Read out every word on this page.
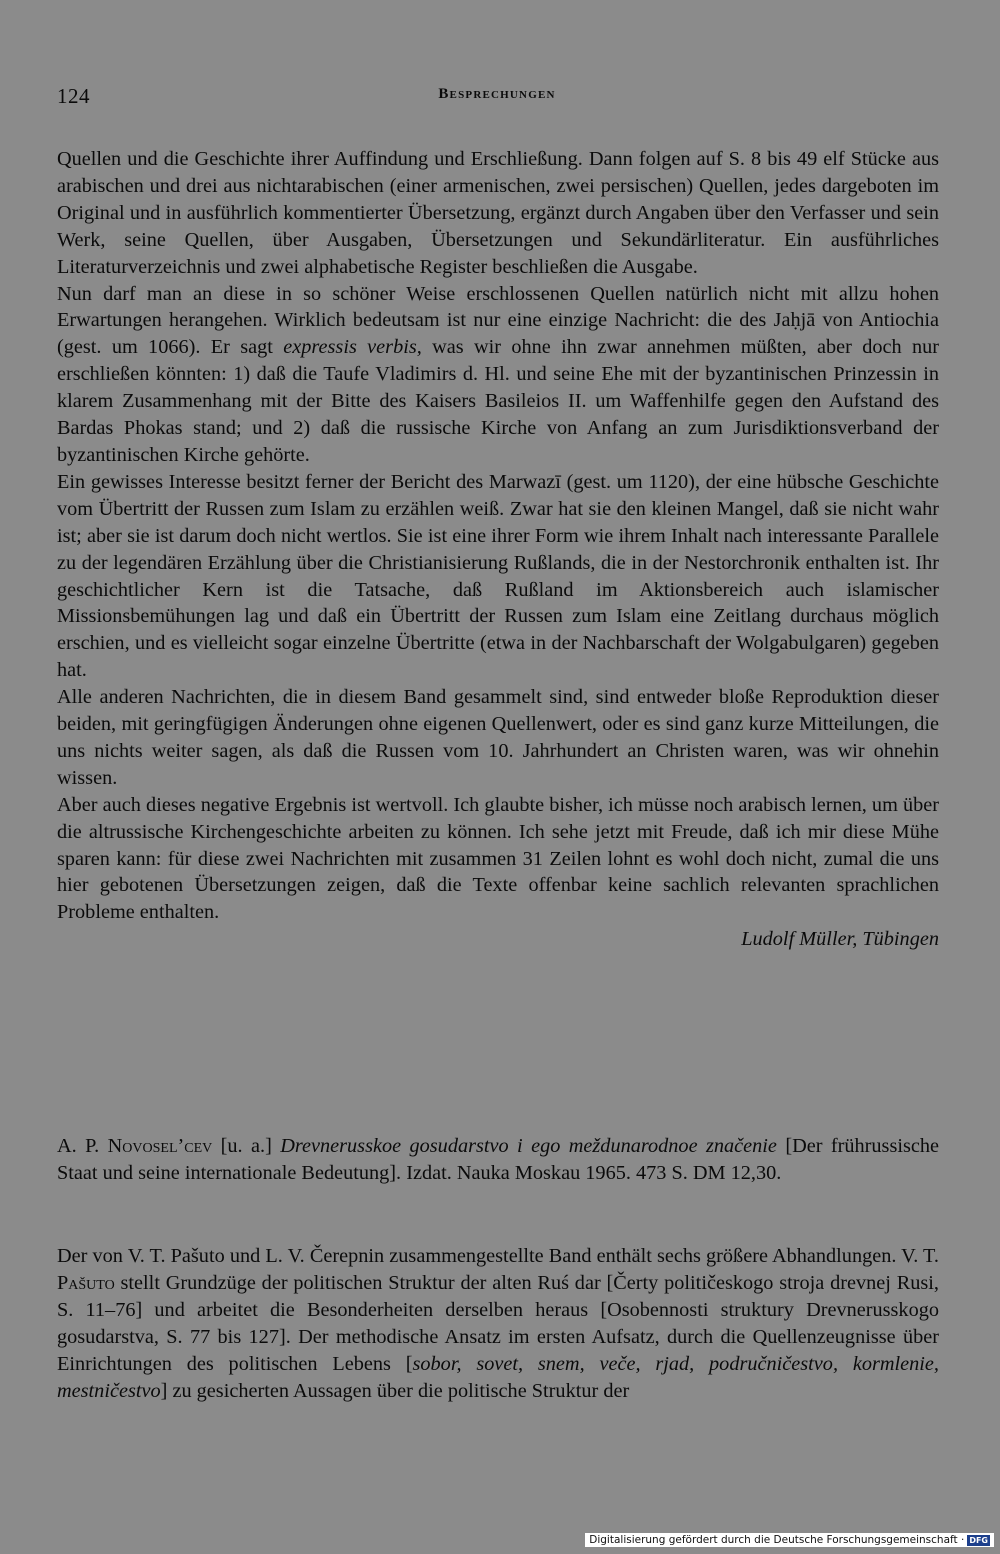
124	Besprechungen

Quellen und die Geschichte ihrer Auffindung und Erschließung. Dann folgen auf S. 8 bis 49 elf Stücke aus arabischen und drei aus nichtarabischen (einer armenischen, zwei persischen) Quellen, jedes dargeboten im Original und in ausführlich kommentierter Übersetzung, ergänzt durch Angaben über den Verfasser und sein Werk, seine Quellen, über Ausgaben, Übersetzungen und Sekundärliteratur. Ein ausführliches Literaturverzeichnis und zwei alphabetische Register beschließen die Ausgabe.

Nun darf man an diese in so schöner Weise erschlossenen Quellen natürlich nicht mit allzu hohen Erwartungen herangehen. Wirklich bedeutsam ist nur eine einzige Nachricht: die des Jaḥjā von Antiochia (gest. um 1066). Er sagt expressis verbis, was wir ohne ihn zwar annehmen müßten, aber doch nur erschließen könnten: 1) daß die Taufe Vladimirs d. Hl. und seine Ehe mit der byzantinischen Prinzessin in klarem Zusammenhang mit der Bitte des Kaisers Basileios II. um Waffenhilfe gegen den Aufstand des Bardas Phokas stand; und 2) daß die russische Kirche von Anfang an zum Jurisdiktionsverband der byzantinischen Kirche gehörte.

Ein gewisses Interesse besitzt ferner der Bericht des Marwazī (gest. um 1120), der eine hübsche Geschichte vom Übertritt der Russen zum Islam zu erzählen weiß. Zwar hat sie den kleinen Mangel, daß sie nicht wahr ist; aber sie ist darum doch nicht wertlos. Sie ist eine ihrer Form wie ihrem Inhalt nach interessante Parallele zu der legendären Erzählung über die Christianisierung Rußlands, die in der Nestorchronik enthalten ist. Ihr geschichtlicher Kern ist die Tatsache, daß Rußland im Aktionsbereich auch islamischer Missionsbemühungen lag und daß ein Übertritt der Russen zum Islam eine Zeitlang durchaus möglich erschien, und es vielleicht sogar einzelne Übertritte (etwa in der Nachbarschaft der Wolgabulgaren) gegeben hat.

Alle anderen Nachrichten, die in diesem Band gesammelt sind, sind entweder bloße Reproduktion dieser beiden, mit geringfügigen Änderungen ohne eigenen Quellenwert, oder es sind ganz kurze Mitteilungen, die uns nichts weiter sagen, als daß die Russen vom 10. Jahrhundert an Christen waren, was wir ohnehin wissen.

Aber auch dieses negative Ergebnis ist wertvoll. Ich glaubte bisher, ich müsse noch arabisch lernen, um über die altrussische Kirchengeschichte arbeiten zu können. Ich sehe jetzt mit Freude, daß ich mir diese Mühe sparen kann: für diese zwei Nachrichten mit zusammen 31 Zeilen lohnt es wohl doch nicht, zumal die uns hier gebotenen Übersetzungen zeigen, daß die Texte offenbar keine sachlich relevanten sprachlichen Probleme enthalten.

Ludolf Müller, Tübingen

A. P. Novosel’cev [u. a.] Drevnerusskoe gosudarstvo i ego meždunarodnoe značenie [Der frührussische Staat und seine internationale Bedeutung]. Izdat. Nauka Moskau 1965. 473 S. DM 12,30.

Der von V. T. Pašuto und L. V. Čerepnin zusammengestellte Band enthält sechs größere Abhandlungen. V. T. Pašuto stellt Grundzüge der politischen Struktur der alten Ruś dar [Čerty političeskogo stroja drevnej Rusi, S. 11–76] und arbeitet die Besonderheiten derselben heraus [Osobennosti struktury Drevnerusskogo gosudarstva, S. 77 bis 127]. Der methodische Ansatz im ersten Aufsatz, durch die Quellenzeugnisse über Einrichtungen des politischen Lebens [sobor, sovet, snem, veče, rjad, područničestvo, kormlenie, mestničestvo] zu gesicherten Aussagen über die politische Struktur der

Digitalisierung gefördert durch die Deutsche Forschungsgemeinschaft · DFG
